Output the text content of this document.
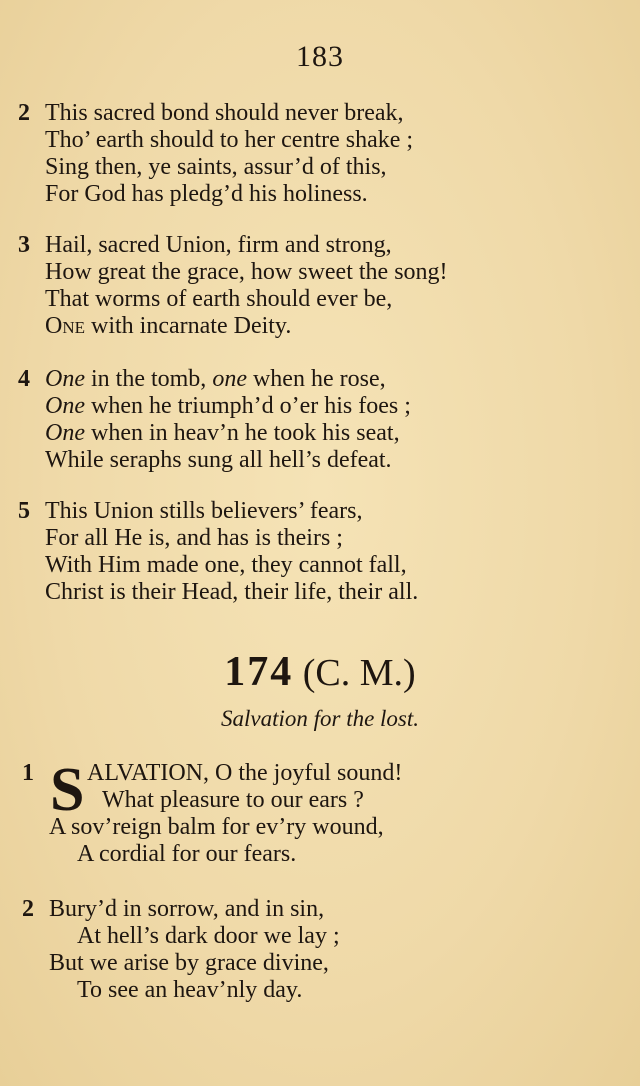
183
2 This sacred bond should never break,
Tho’ earth should to her centre shake ;
Sing then, ye saints, assur’d of this,
For God has pledg’d his holiness.
3 Hail, sacred Union, firm and strong,
How great the grace, how sweet the song!
That worms of earth should ever be,
One with incarnate Deity.
4 One in the tomb, one when he rose,
One when he triumph’d o’er his foes ;
One when in heav’n he took his seat,
While seraphs sung all hell’s defeat.
5 This Union stills believers’ fears,
For all He is, and has is theirs ;
With Him made one, they cannot fall,
Christ is their Head, their life, their all.
174 (C. M.)
Salvation for the lost.
S
1 ALVATION, O the joyful sound!
What pleasure to our ears ?
A sov’reign balm for ev’ry wound,
A cordial for our fears.
2 Bury’d in sorrow, and in sin,
At hell’s dark door we lay ;
But we arise by grace divine,
To see an heav’nly day.
